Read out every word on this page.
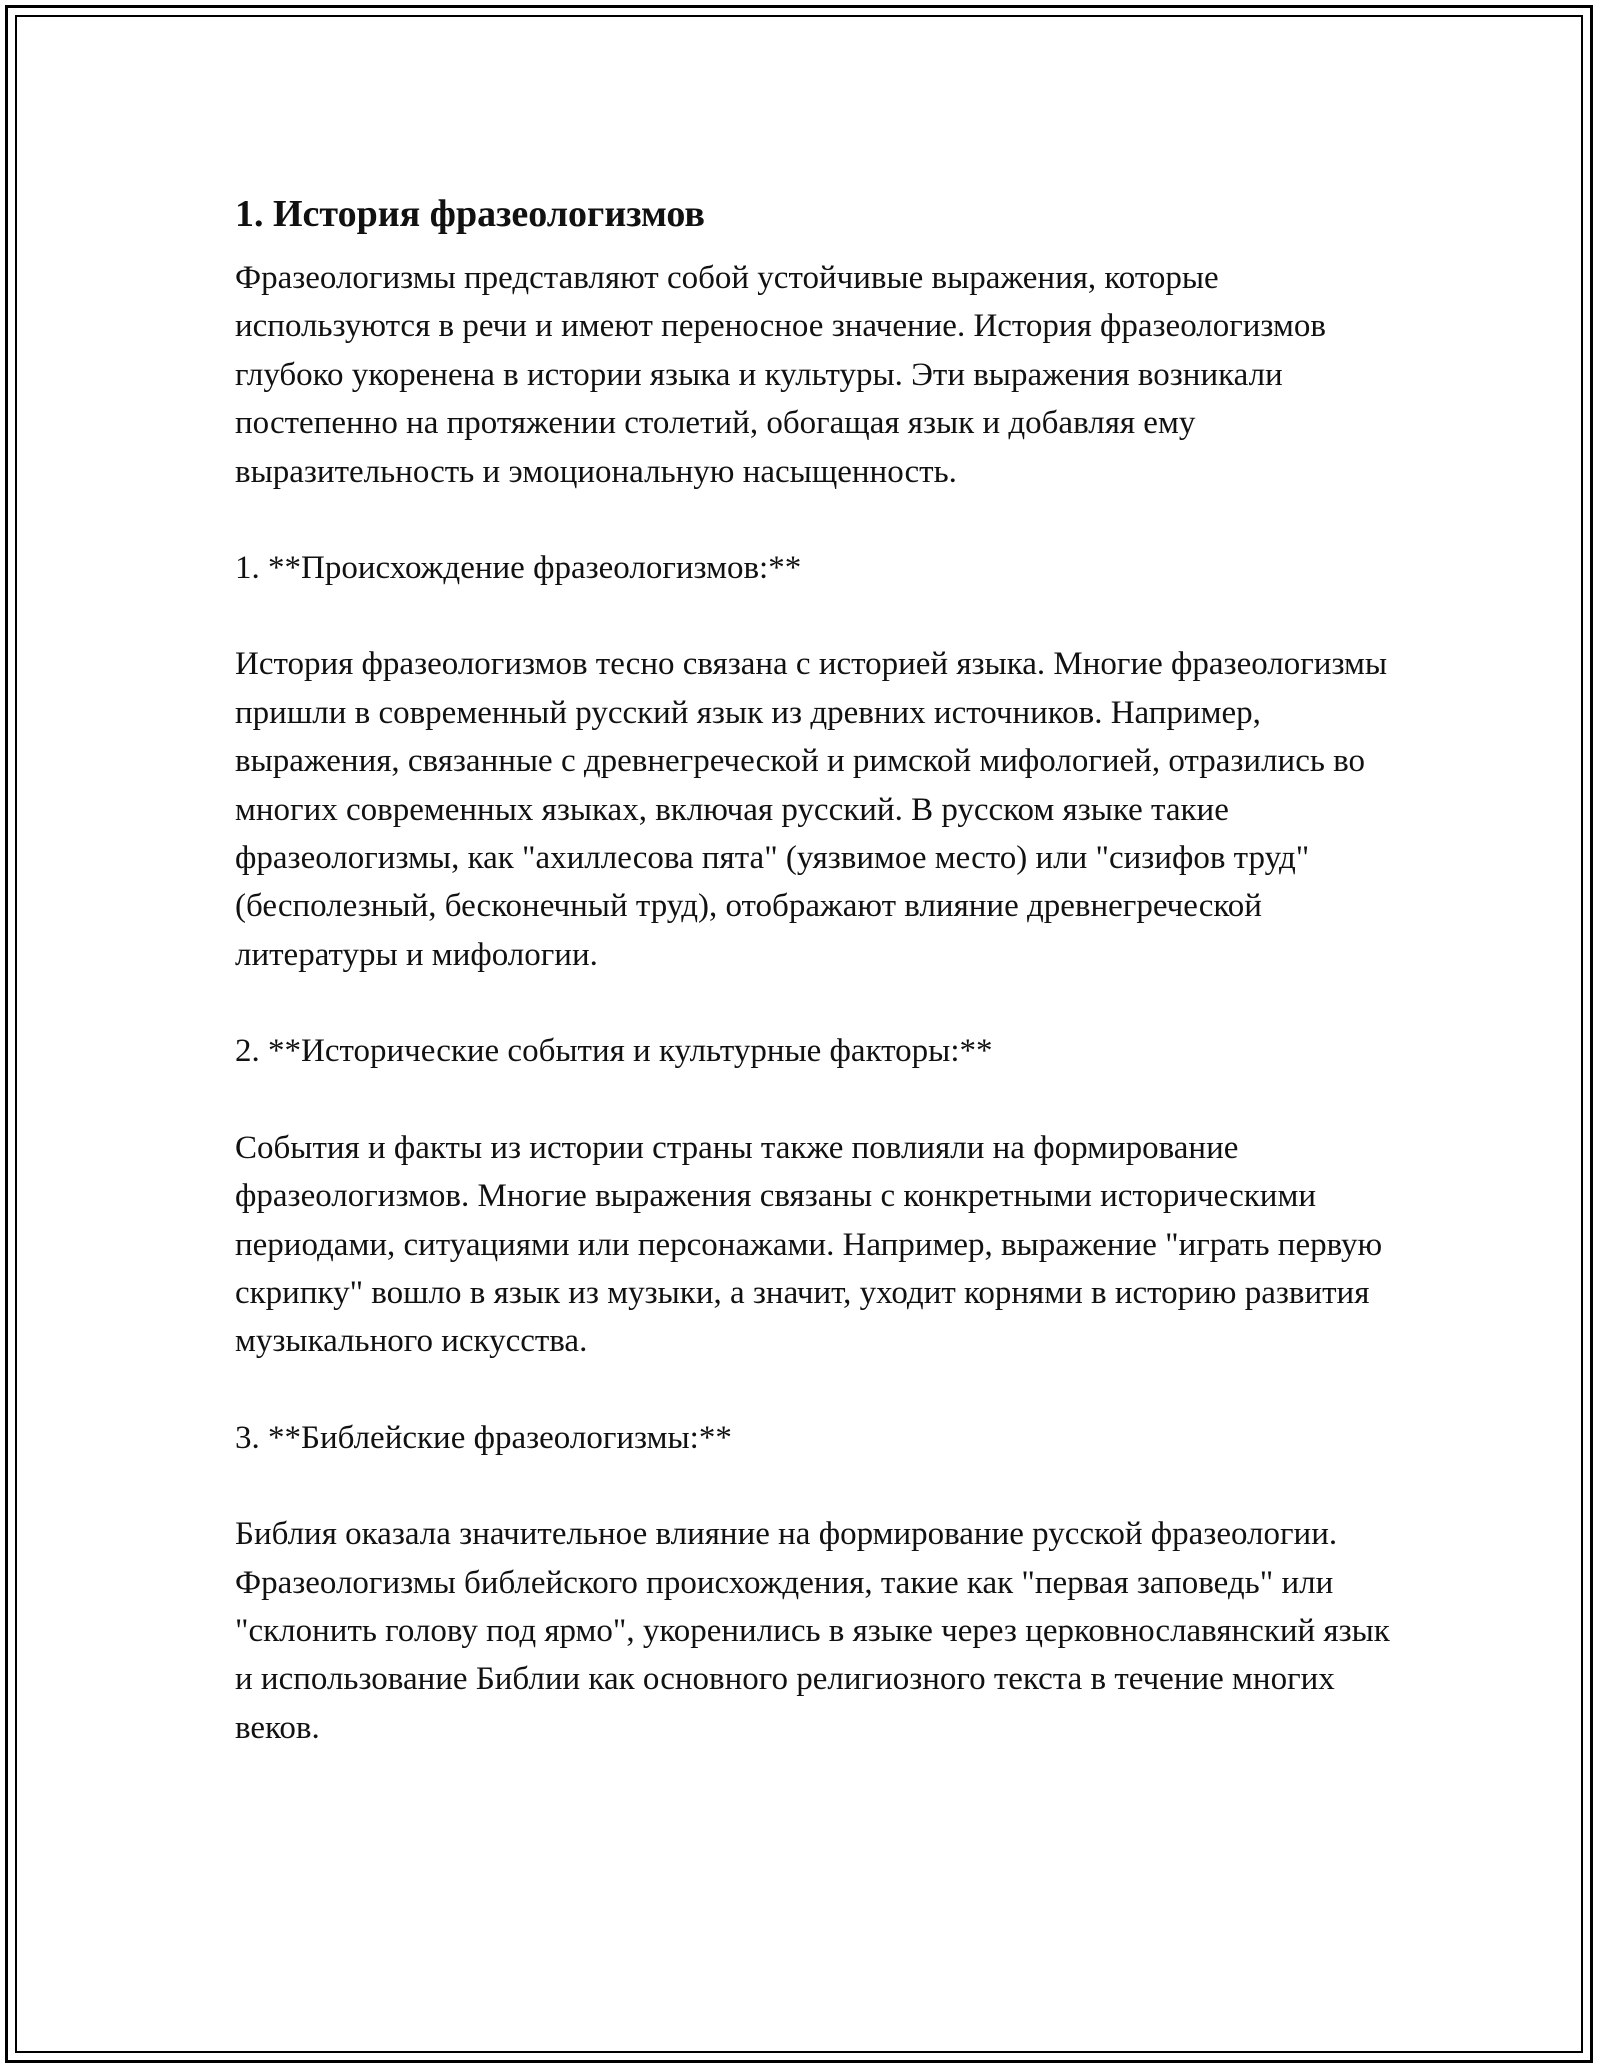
1. История фразеологизмов

Фразеологизмы представляют собой устойчивые выражения, которые используются в речи и имеют переносное значение. История фразеологизмов глубоко укоренена в истории языка и культуры. Эти выражения возникали постепенно на протяжении столетий, обогащая язык и добавляя ему выразительность и эмоциональную насыщенность.

1. **Происхождение фразеологизмов:**

История фразеологизмов тесно связана с историей языка. Многие фразеологизмы пришли в современный русский язык из древних источников. Например, выражения, связанные с древнегреческой и римской мифологией, отразились во многих современных языках, включая русский. В русском языке такие фразеологизмы, как "ахиллесова пята" (уязвимое место) или "сизифов труд" (бесполезный, бесконечный труд), отображают влияние древнегреческой литературы и мифологии.

2. **Исторические события и культурные факторы:**

События и факты из истории страны также повлияли на формирование фразеологизмов. Многие выражения связаны с конкретными историческими периодами, ситуациями или персонажами. Например, выражение "играть первую скрипку" вошло в язык из музыки, а значит, уходит корнями в историю развития музыкального искусства.

3. **Библейские фразеологизмы:**

Библия оказала значительное влияние на формирование русской фразеологии. Фразеологизмы библейского происхождения, такие как "первая заповедь" или "склонить голову под ярмо", укоренились в языке через церковнославянский язык и использование Библии как основного религиозного текста в течение многих веков.
